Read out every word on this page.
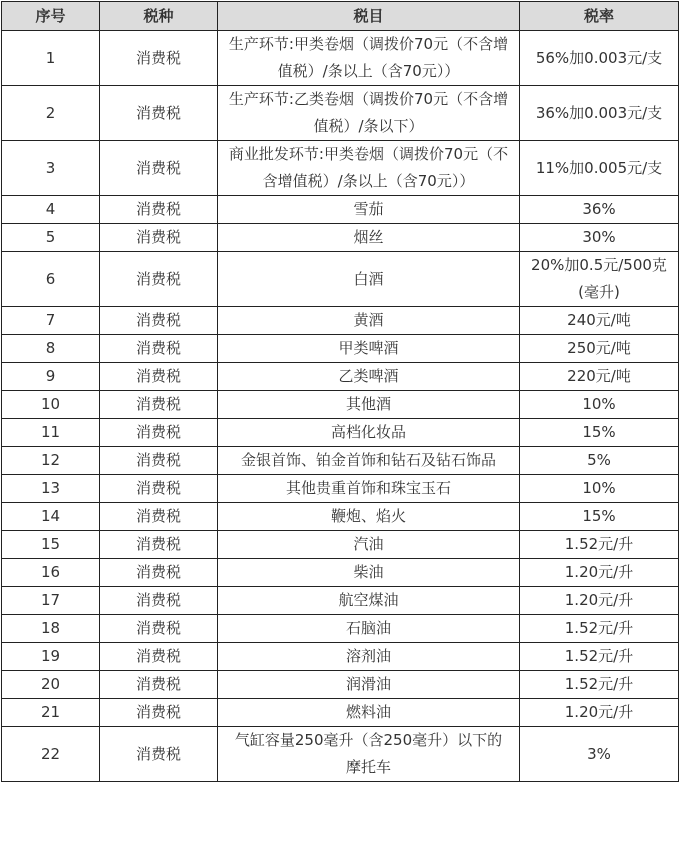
序号	税种	税目	税率
1	消费税	生产环节:甲类卷烟（调拨价70元（不含增值税）/条以上（含70元））	56%加0.003元/支
2	消费税	生产环节:乙类卷烟（调拨价70元（不含增值税）/条以下）	36%加0.003元/支
3	消费税	商业批发环节:甲类卷烟（调拨价70元（不含增值税）/条以上（含70元））	11%加0.005元/支
4	消费税	雪茄	36%
5	消费税	烟丝	30%
6	消费税	白酒	20%加0.5元/500克(毫升)
7	消费税	黄酒	240元/吨
8	消费税	甲类啤酒	250元/吨
9	消费税	乙类啤酒	220元/吨
10	消费税	其他酒	10%
11	消费税	高档化妆品	15%
12	消费税	金银首饰、铂金首饰和钻石及钻石饰品	5%
13	消费税	其他贵重首饰和珠宝玉石	10%
14	消费税	鞭炮、焰火	15%
15	消费税	汽油	1.52元/升
16	消费税	柴油	1.20元/升
17	消费税	航空煤油	1.20元/升
18	消费税	石脑油	1.52元/升
19	消费税	溶剂油	1.52元/升
20	消费税	润滑油	1.52元/升
21	消费税	燃料油	1.20元/升
22	消费税	气缸容量250毫升（含250毫升）以下的摩托车	3%
